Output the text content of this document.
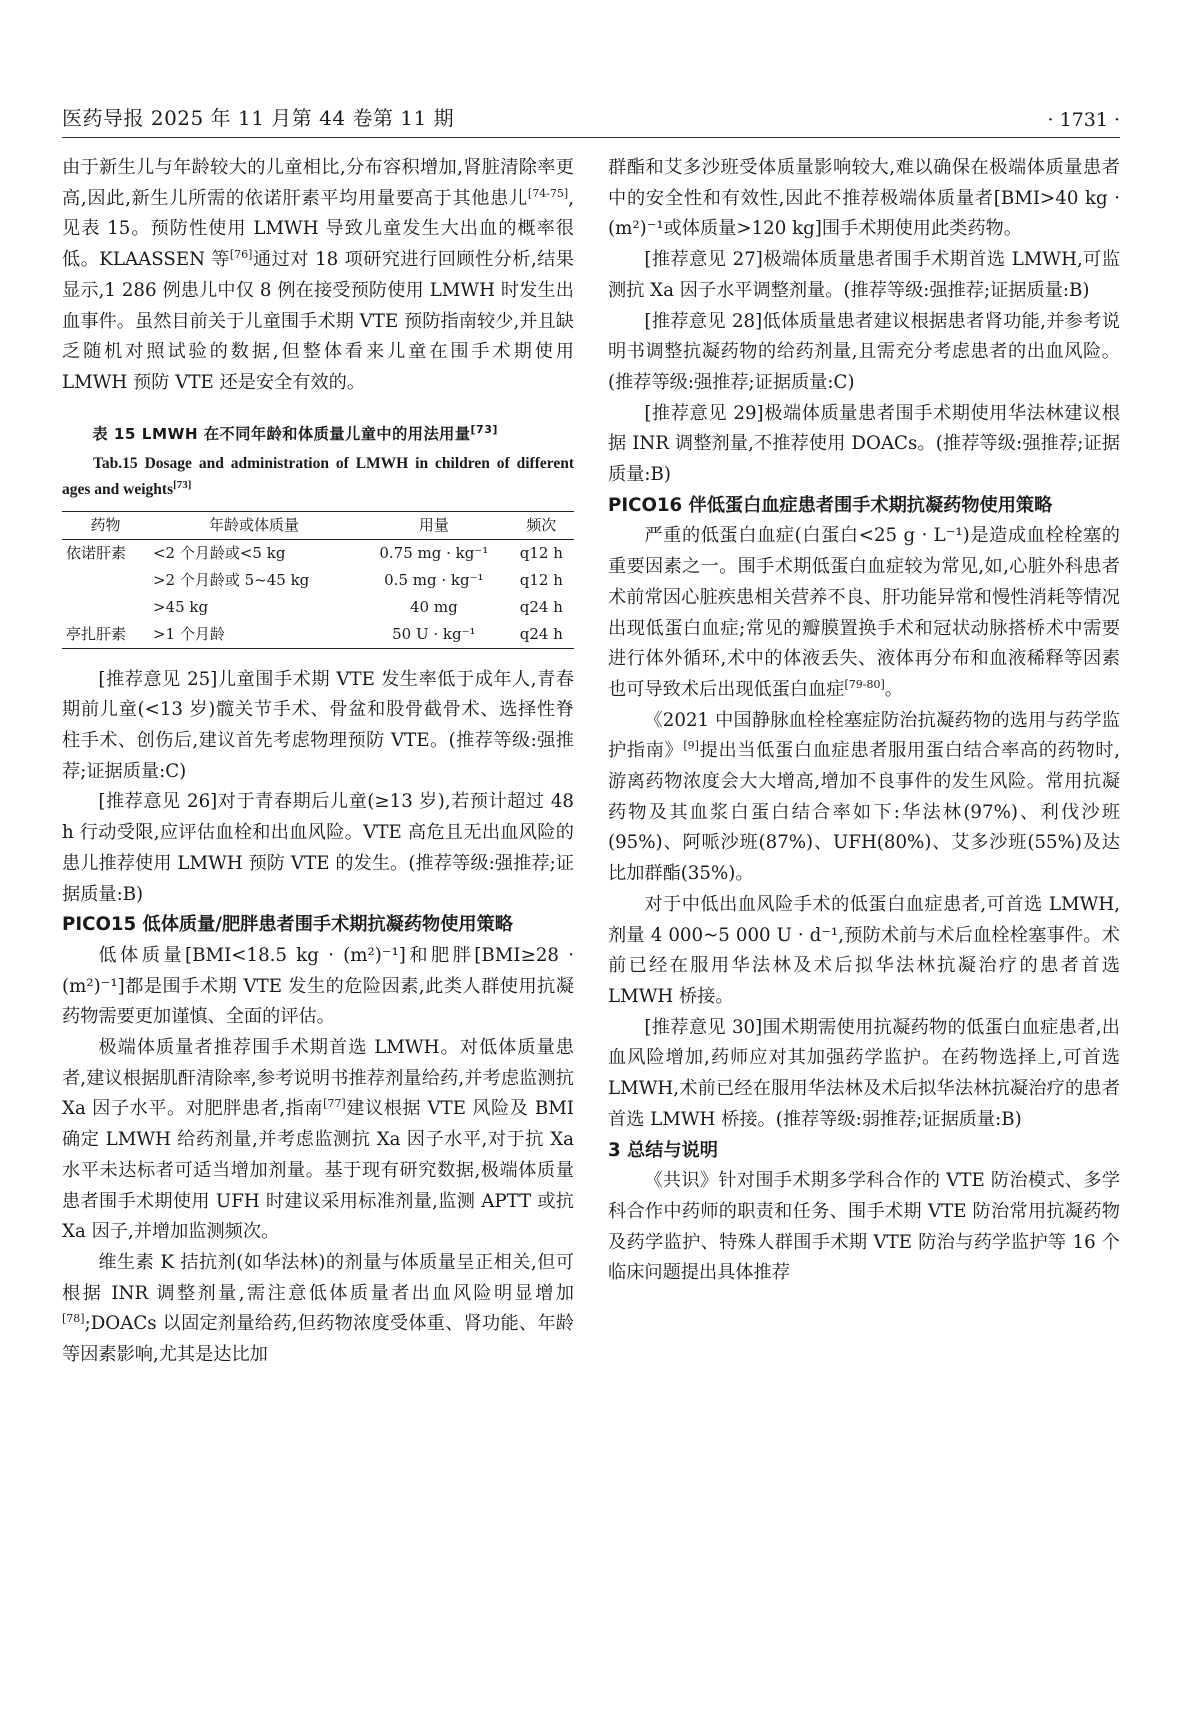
医药导报 2025 年 11 月第 44 卷第 11 期	· 1731 ·

由于新生儿与年龄较大的儿童相比,分布容积增加,肾脏清除率更高,因此,新生儿所需的依诺肝素平均用量要高于其他患儿[74-75],见表 15。预防性使用 LMWH 导致儿童发生大出血的概率很低。KLAASSEN 等[76]通过对 18 项研究进行回顾性分析,结果显示,1 286 例患儿中仅 8 例在接受预防使用 LMWH 时发生出血事件。虽然目前关于儿童围手术期 VTE 预防指南较少,并且缺乏随机对照试验的数据,但整体看来儿童在围手术期使用 LMWH 预防 VTE 还是安全有效的。

表 15 LMWH 在不同年龄和体质量儿童中的用法用量[73]

Tab.15 Dosage and administration of LMWH in children of different ages and weights[73]

药物	年龄或体质量	用量	频次
依诺肝素	<2 个月龄或<5 kg	0.75 mg · kg⁻¹	q12 h
	>2 个月龄或 5~45 kg	0.5 mg · kg⁻¹	q12 h
	>45 kg	40 mg	q24 h
亭扎肝素	>1 个月龄	50 U · kg⁻¹	q24 h

[推荐意见 25]儿童围手术期 VTE 发生率低于成年人,青春期前儿童(<13 岁)髋关节手术、骨盆和股骨截骨术、选择性脊柱手术、创伤后,建议首先考虑物理预防 VTE。(推荐等级:强推荐;证据质量:C)

[推荐意见 26]对于青春期后儿童(≥13 岁),若预计超过 48 h 行动受限,应评估血栓和出血风险。VTE 高危且无出血风险的患儿推荐使用 LMWH 预防 VTE 的发生。(推荐等级:强推荐;证据质量:B)

PICO15 低体质量/肥胖患者围手术期抗凝药物使用策略

低体质量[BMI<18.5 kg · (m²)⁻¹]和肥胖[BMI≥28 · (m²)⁻¹]都是围手术期 VTE 发生的危险因素,此类人群使用抗凝药物需要更加谨慎、全面的评估。

极端体质量者推荐围手术期首选 LMWH。对低体质量患者,建议根据肌酐清除率,参考说明书推荐剂量给药,并考虑监测抗 Xa 因子水平。对肥胖患者,指南[77]建议根据 VTE 风险及 BMI 确定 LMWH 给药剂量,并考虑监测抗 Xa 因子水平,对于抗 Xa 水平未达标者可适当增加剂量。基于现有研究数据,极端体质量患者围手术期使用 UFH 时建议采用标准剂量,监测 APTT 或抗 Xa 因子,并增加监测频次。

维生素 K 拮抗剂(如华法林)的剂量与体质量呈正相关,但可根据 INR 调整剂量,需注意低体质量者出血风险明显增加[78];DOACs 以固定剂量给药,但药物浓度受体重、肾功能、年龄等因素影响,尤其是达比加

群酯和艾多沙班受体质量影响较大,难以确保在极端体质量患者中的安全性和有效性,因此不推荐极端体质量者[BMI>40 kg · (m²)⁻¹或体质量>120 kg]围手术期使用此类药物。

[推荐意见 27]极端体质量患者围手术期首选 LMWH,可监测抗 Xa 因子水平调整剂量。(推荐等级:强推荐;证据质量:B)

[推荐意见 28]低体质量患者建议根据患者肾功能,并参考说明书调整抗凝药物的给药剂量,且需充分考虑患者的出血风险。(推荐等级:强推荐;证据质量:C)

[推荐意见 29]极端体质量患者围手术期使用华法林建议根据 INR 调整剂量,不推荐使用 DOACs。(推荐等级:强推荐;证据质量:B)

PICO16 伴低蛋白血症患者围手术期抗凝药物使用策略

严重的低蛋白血症(白蛋白<25 g · L⁻¹)是造成血栓栓塞的重要因素之一。围手术期低蛋白血症较为常见,如,心脏外科患者术前常因心脏疾患相关营养不良、肝功能异常和慢性消耗等情况出现低蛋白血症;常见的瓣膜置换手术和冠状动脉搭桥术中需要进行体外循环,术中的体液丢失、液体再分布和血液稀释等因素也可导致术后出现低蛋白血症[79-80]。

《2021 中国静脉血栓栓塞症防治抗凝药物的选用与药学监护指南》[9]提出当低蛋白血症患者服用蛋白结合率高的药物时,游离药物浓度会大大增高,增加不良事件的发生风险。常用抗凝药物及其血浆白蛋白结合率如下:华法林(97%)、利伐沙班(95%)、阿哌沙班(87%)、UFH(80%)、艾多沙班(55%)及达比加群酯(35%)。

对于中低出血风险手术的低蛋白血症患者,可首选 LMWH,剂量 4 000~5 000 U · d⁻¹,预防术前与术后血栓栓塞事件。术前已经在服用华法林及术后拟华法林抗凝治疗的患者首选 LMWH 桥接。

[推荐意见 30]围术期需使用抗凝药物的低蛋白血症患者,出血风险增加,药师应对其加强药学监护。在药物选择上,可首选 LMWH,术前已经在服用华法林及术后拟华法林抗凝治疗的患者首选 LMWH 桥接。(推荐等级:弱推荐;证据质量:B)

3 总结与说明

《共识》针对围手术期多学科合作的 VTE 防治模式、多学科合作中药师的职责和任务、围手术期 VTE 防治常用抗凝药物及药学监护、特殊人群围手术期 VTE 防治与药学监护等 16 个临床问题提出具体推荐
